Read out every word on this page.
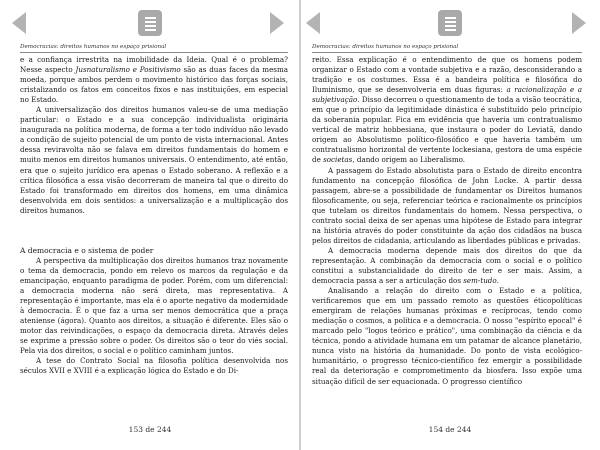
Democracias: direitos humanos no espaço prisional

e a confiança irrestrita na imobilidade da Ideia. Qual é o problema? Nesse aspecto Jusnaturalismo e Positivismo são as duas faces da mesma moeda, porque ambos perdem o movimento histórico das forças sociais, cristalizando os fatos em conceitos fixos e nas instituições, em especial no Estado.

A universalização dos direitos humanos valeu-se de uma mediação particular: o Estado e a sua concepção individualista originária inaugurada na política moderna, de forma a ter todo indivíduo não levado a condição de sujeito potencial de um ponto de vista internacional. Antes dessa reviravolta não se falava em direitos fundamentais do homem e muito menos em direitos humanos universais. O entendimento, até então, era que o sujeito jurídico era apenas o Estado soberano. A reflexão e a crítica filosófica a essa visão decorreram de maneira tal que o direito do Estado foi transformado em direitos dos homens, em uma dinâmica desenvolvida em dois sentidos: a universalização e a multiplicação dos direitos humanos.

A democracia e o sistema de poder

A perspectiva da multiplicação dos direitos humanos traz novamente o tema da democracia, pondo em relevo os marcos da regulação e da emancipação, enquanto paradigma de poder. Porém, com um diferencial: a democracia moderna não será direta, mas representativa. A representação é importante, mas ela é o aporte negativo da modernidade à democracia. É o que faz a urna ser menos democrática que a praça ateniense (ágora). Quanto aos direitos, a situação é diferente. Eles são o motor das reivindicações, o espaço da democracia direta. Através deles se exprime a pressão sobre o poder. Os direitos são o teor do viés social. Pela via dos direitos, o social e o político caminham juntos.

A tese do Contrato Social na filosofia política desenvolvida nos séculos XVII e XVIII é a explicação lógica do Estado e do Di-

153 de 244
Democracias: direitos humanos no espaço prisional

reito. Essa explicação é o entendimento de que os homens podem organizar o Estado com a vontade subjetiva e a razão, desconsiderando a tradição e os costumes. Essa é a bandeira política e filosófica do Iluminismo, que se desenvolveria em duas figuras: a racionalização e a subjetivação. Disso decorreu o questionamento de toda a visão teocrática, em que o princípio da legitimidade dinástica é substituído pelo princípio da soberania popular. Fica em evidência que haveria um contratualismo vertical de matriz hobbesiana, que instaura o poder do Leviatã, dando origem ao Absolutismo político-filosófico e que haveria também um contratualismo horizontal de vertente lockesiana, gestora de uma espécie de societas, dando origem ao Liberalismo.

A passagem do Estado absolutista para o Estado de direito encontra fundamento na concepção filosófica de John Locke. A partir dessa passagem, abre-se a possibilidade de fundamentar os Direitos humanos filosoficamente, ou seja, referenciar teórica e racionalmente os princípios que tutelam os direitos fundamentais do homem. Nessa perspectiva, o contrato social deixa de ser apenas uma hipótese de Estado para integrar na história através do poder constituinte da ação dos cidadãos na busca pelos direitos de cidadania, articulando as liberdades públicas e privadas.

A democracia moderna depende mais dos direitos do que da representação. A combinação da democracia com o social e o político constitui a substancialidade do direito de ter e ser mais. Assim, a democracia passa a ser a articulação dos sem-tudo.

Analisando a relação do direito com o Estado e a política, verificaremos que em um passado remoto as questões éticopolíticas emergiram de relações humanas próximas e recíprocas, tendo como mediação o cosmos, a política e a democracia. O nosso "espírito epocal" é marcado pelo "logos teórico e prático", uma combinação da ciência e da técnica, pondo a atividade humana em um patamar de alcance planetário, nunca visto na história da humanidade. Do ponto de vista ecológico-humanitário, o progresso técnico-científico fez emergir a possibilidade real da deterioração e comprometimento da biosfera. Isso expõe uma situação difícil de ser equacionada. O progresso científico

154 de 244
